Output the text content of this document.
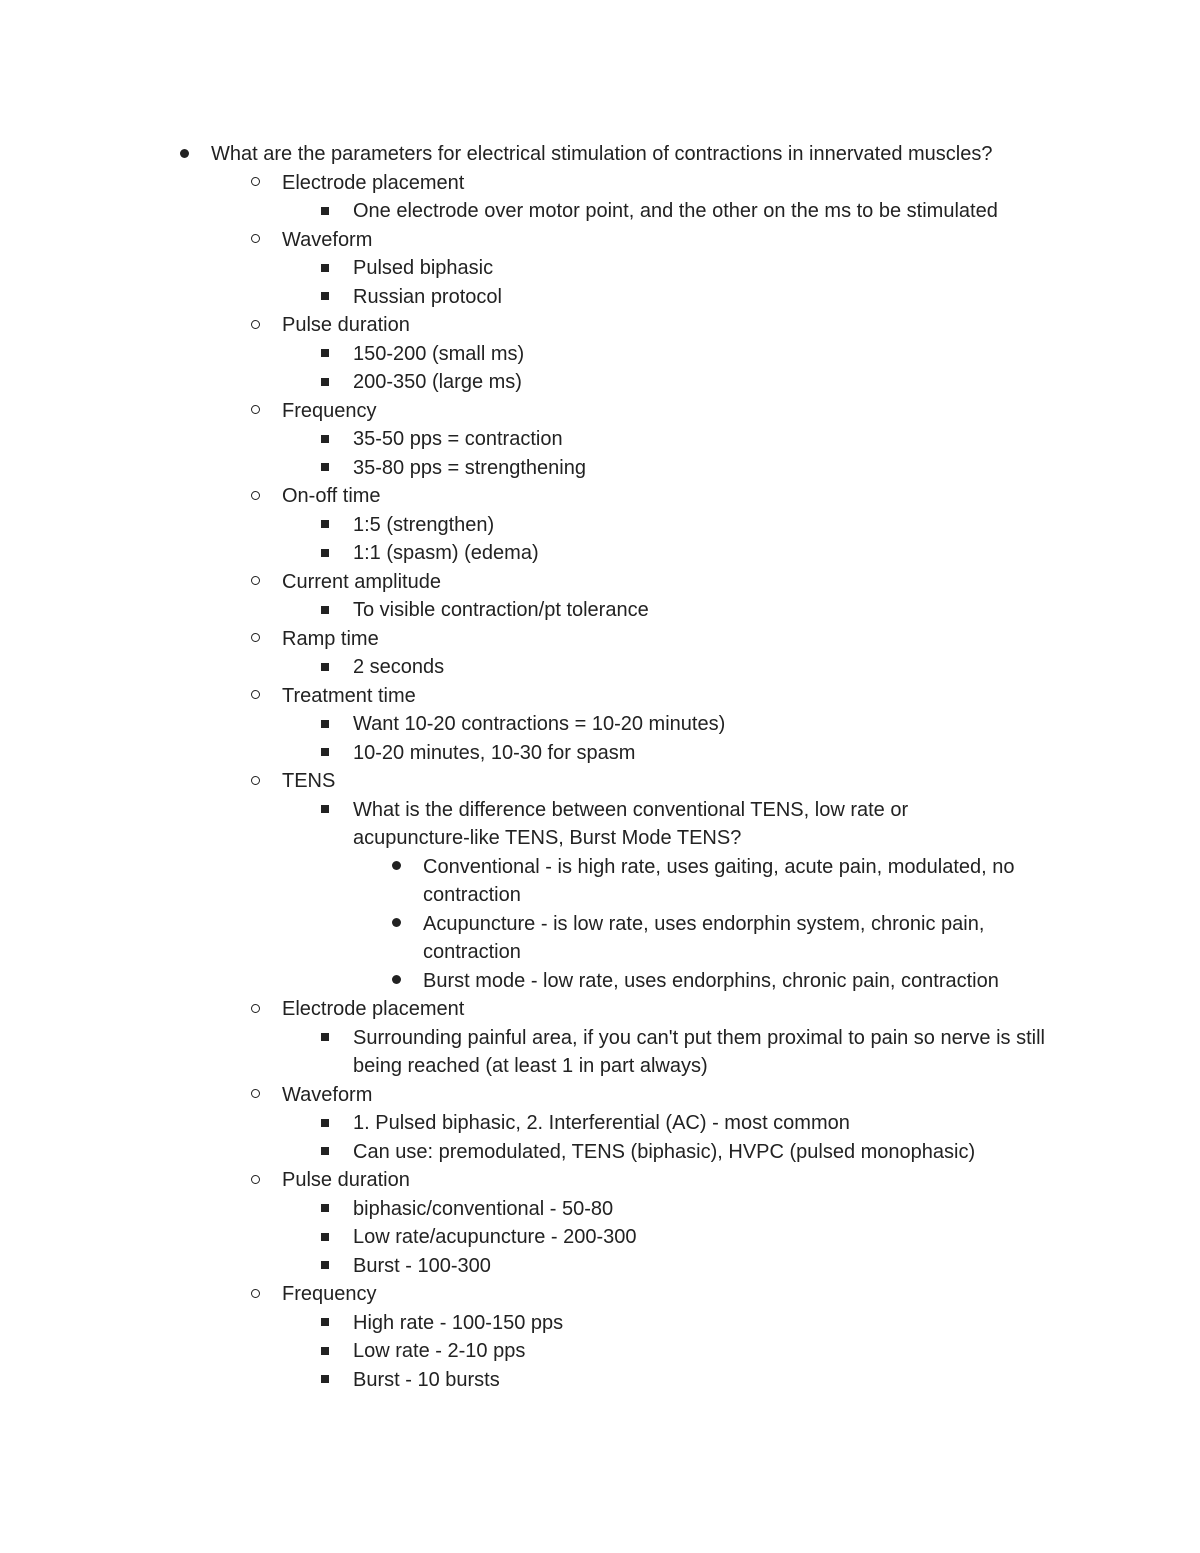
What are the parameters for electrical stimulation of contractions in innervated muscles?
Electrode placement
One electrode over motor point, and the other on the ms to be stimulated
Waveform
Pulsed biphasic
Russian protocol
Pulse duration
150-200 (small ms)
200-350 (large ms)
Frequency
35-50 pps = contraction
35-80 pps = strengthening
On-off time
1:5 (strengthen)
1:1 (spasm) (edema)
Current amplitude
To visible contraction/pt tolerance
Ramp time
2 seconds
Treatment time
Want 10-20 contractions = 10-20 minutes)
10-20 minutes, 10-30 for spasm
TENS
What is the difference between conventional TENS, low rate or acupuncture-like TENS, Burst Mode TENS?
Conventional - is high rate, uses gaiting, acute pain, modulated, no contraction
Acupuncture - is low rate, uses endorphin system, chronic pain, contraction
Burst mode - low rate, uses endorphins, chronic pain, contraction
Electrode placement
Surrounding painful area, if you can't put them proximal to pain so nerve is still being reached (at least 1 in part always)
Waveform
1. Pulsed biphasic, 2. Interferential (AC) - most common
Can use: premodulated, TENS (biphasic), HVPC (pulsed monophasic)
Pulse duration
biphasic/conventional - 50-80
Low rate/acupuncture - 200-300
Burst - 100-300
Frequency
High rate - 100-150 pps
Low rate - 2-10 pps
Burst - 10 bursts
